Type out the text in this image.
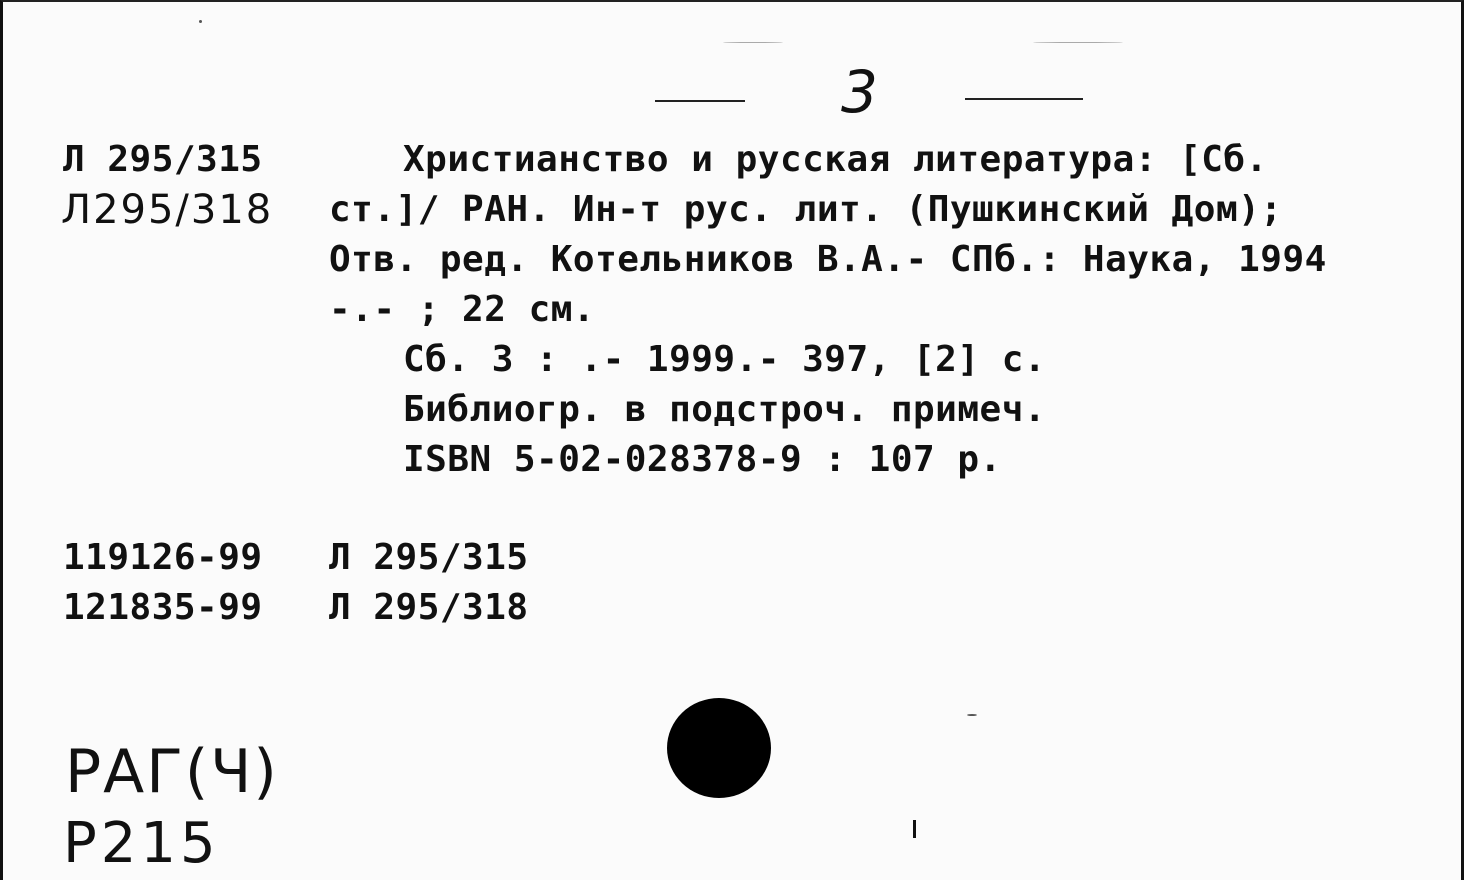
3
Л 295/315
Л295/318
Христианство и русская литература: [Сб.
ст.]/ РАН. Ин-т рус. лит. (Пушкинский Дом);
Отв. ред. Котельников В.А.- СПб.: Наука, 1994
-.- ; 22 см.
Сб. 3 : .- 1999.- 397, [2] с.
Библиогр. в подстроч. примеч.
ISBN 5-02-028378-9 : 107 р.
119126-99 Л 295/315
121835-99 Л 295/318
РАГ(Ч)
Р215
